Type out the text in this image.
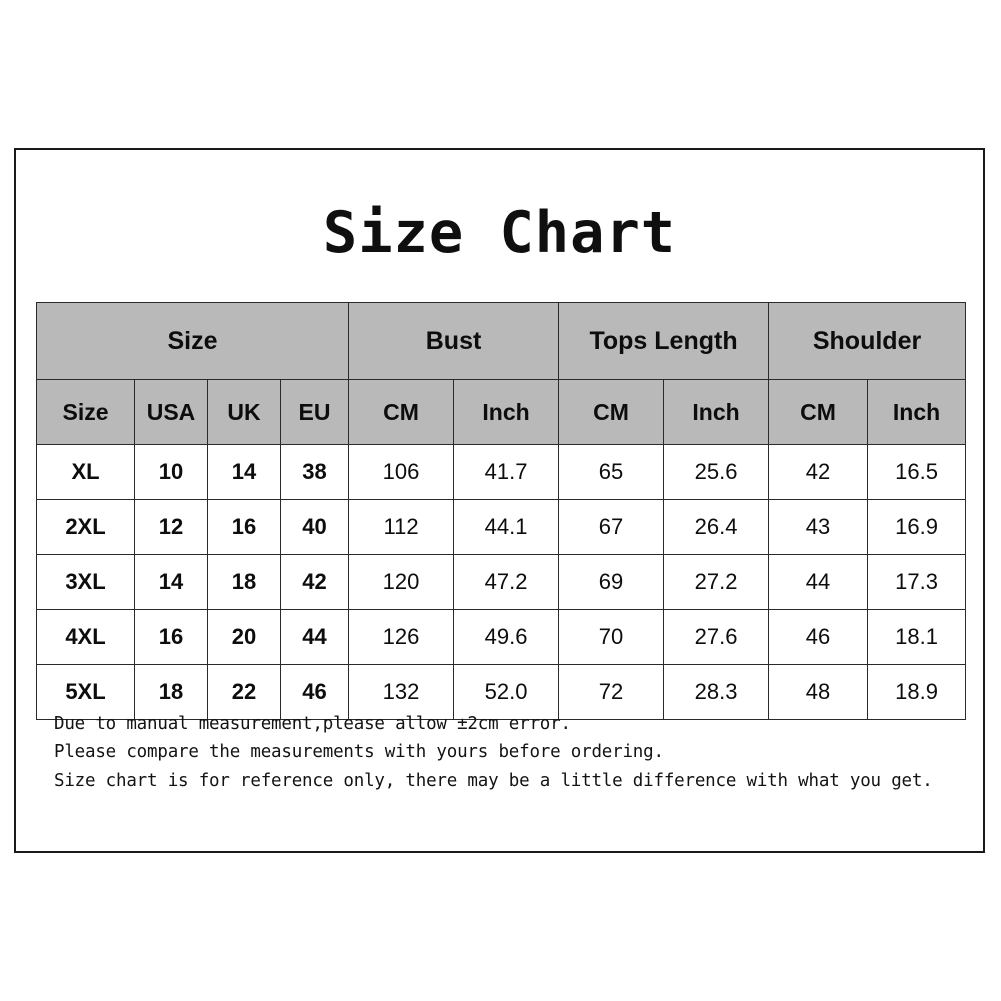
Size Chart
Size				Bust		Tops Length		Shoulder	
Size	USA	UK	EU	CM	Inch	CM	Inch	CM	Inch
XL	10	14	38	106	41.7	65	25.6	42	16.5
2XL	12	16	40	112	44.1	67	26.4	43	16.9
3XL	14	18	42	120	47.2	69	27.2	44	17.3
4XL	16	20	44	126	49.6	70	27.6	46	18.1
5XL	18	22	46	132	52.0	72	28.3	48	18.9
Due to manual measurement,please allow ±2cm error.
Please compare the measurements with yours before ordering.
Size chart is for reference only, there may be a little difference with what you get.
